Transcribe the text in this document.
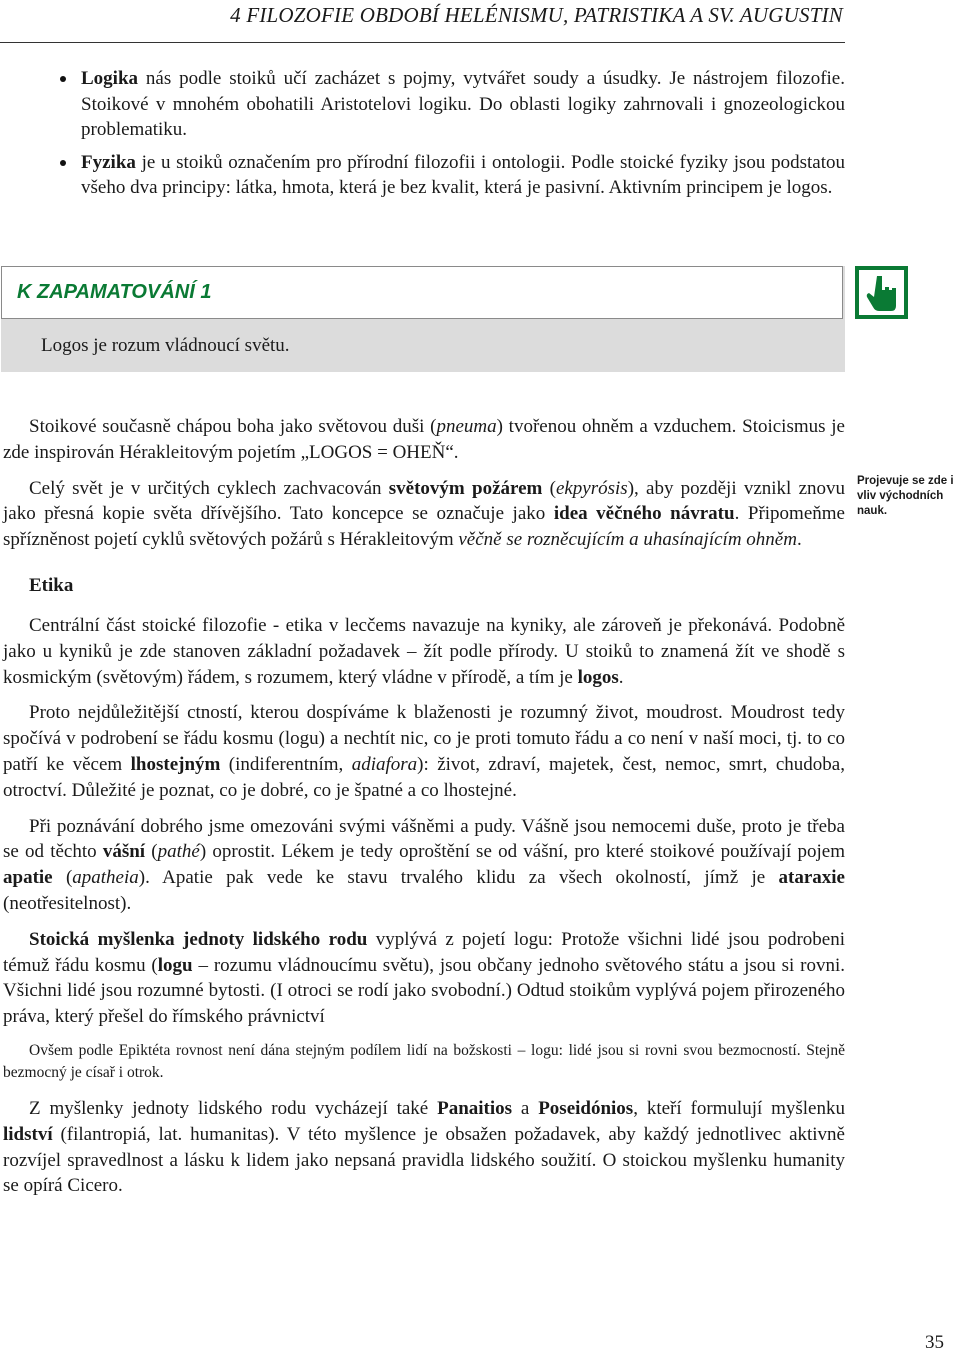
4 FILOZOFIE OBDOBÍ HELÉNISMU, PATRISTIKA A SV. AUGUSTIN
Logika nás podle stoiků učí zacházet s pojmy, vytvářet soudy a úsudky. Je nástrojem filozofie. Stoikové v mnohém obohatili Aristotelovi logiku. Do oblasti logiky zahrnovali i gnozeologickou problematiku.
Fyzika je u stoiků označením pro přírodní filozofii i ontologii. Podle stoické fyziky jsou podstatou všeho dva principy: látka, hmota, která je bez kvalit, která je pasivní. Aktivním principem je logos.
K ZAPAMATOVÁNÍ 1
Logos je rozum vládnoucí světu.
Projevuje se zde i vliv východních nauk.

Stoikové současně chápou boha jako světovou duši (pneuma) tvořenou ohněm a vzduchem. Stoicismus je zde inspirován Hérakleitovým pojetím „LOGOS = OHEŇ“.

Celý svět je v určitých cyklech zachvacován světovým požárem (ekpyrósis), aby později vznikl znovu jako přesná kopie světa dřívějšího. Tato koncepce se označuje jako idea věčného návratu. Připomeňme spřízněnost pojetí cyklů světových požárů s Hérakleitovým věčně se rozněcujícím a uhasínajícím ohněm.

Etika

Centrální část stoické filozofie - etika v lecčems navazuje na kyniky, ale zároveň je překonává. Podobně jako u kyniků je zde stanoven základní požadavek – žít podle přírody. U stoiků to znamená žít ve shodě s kosmickým (světovým) řádem, s rozumem, který vládne v přírodě, a tím je logos.

Proto nejdůležitější ctností, kterou dospíváme k blaženosti je rozumný život, moudrost. Moudrost tedy spočívá v podrobení se řádu kosmu (logu) a nechtít nic, co je proti tomuto řádu a co není v naší moci, tj. to co patří ke věcem lhostejným (indiferentním, adiafora): život, zdraví, majetek, čest, nemoc, smrt, chudoba, otroctví. Důležité je poznat, co je dobré, co je špatné a co lhostejné.

Při poznávání dobrého jsme omezováni svými vášněmi a pudy. Vášně jsou nemocemi duše, proto je třeba se od těchto vášní (pathé) oprostit. Lékem je tedy oproštění se od vášní, pro které stoikové používají pojem apatie (apatheia). Apatie pak vede ke stavu trvalého klidu za všech okolností, jímž je ataraxie (neotřesitelnost).

Stoická myšlenka jednoty lidského rodu vyplývá z pojetí logu: Protože všichni lidé jsou podrobeni témuž řádu kosmu (logu – rozumu vládnoucímu světu), jsou občany jednoho světového státu a jsou si rovni. Všichni lidé jsou rozumné bytosti. (I otroci se rodí jako svobodní.) Odtud stoikům vyplývá pojem přirozeného práva, který přešel do římského právnictví

Ovšem podle Epiktéta rovnost není dána stejným podílem lidí na božskosti – logu: lidé jsou si rovni svou bezmocností. Stejně bezmocný je císař i otrok.

Z myšlenky jednoty lidského rodu vycházejí také Panaitios a Poseidónios, kteří formulují myšlenku lidství (filantropiá, lat. humanitas). V této myšlence je obsažen požadavek, aby každý jednotlivec aktivně rozvíjel spravedlnost a lásku k lidem jako nepsaná pravidla lidského soužití. O stoickou myšlenku humanity se opírá Cicero.

35
